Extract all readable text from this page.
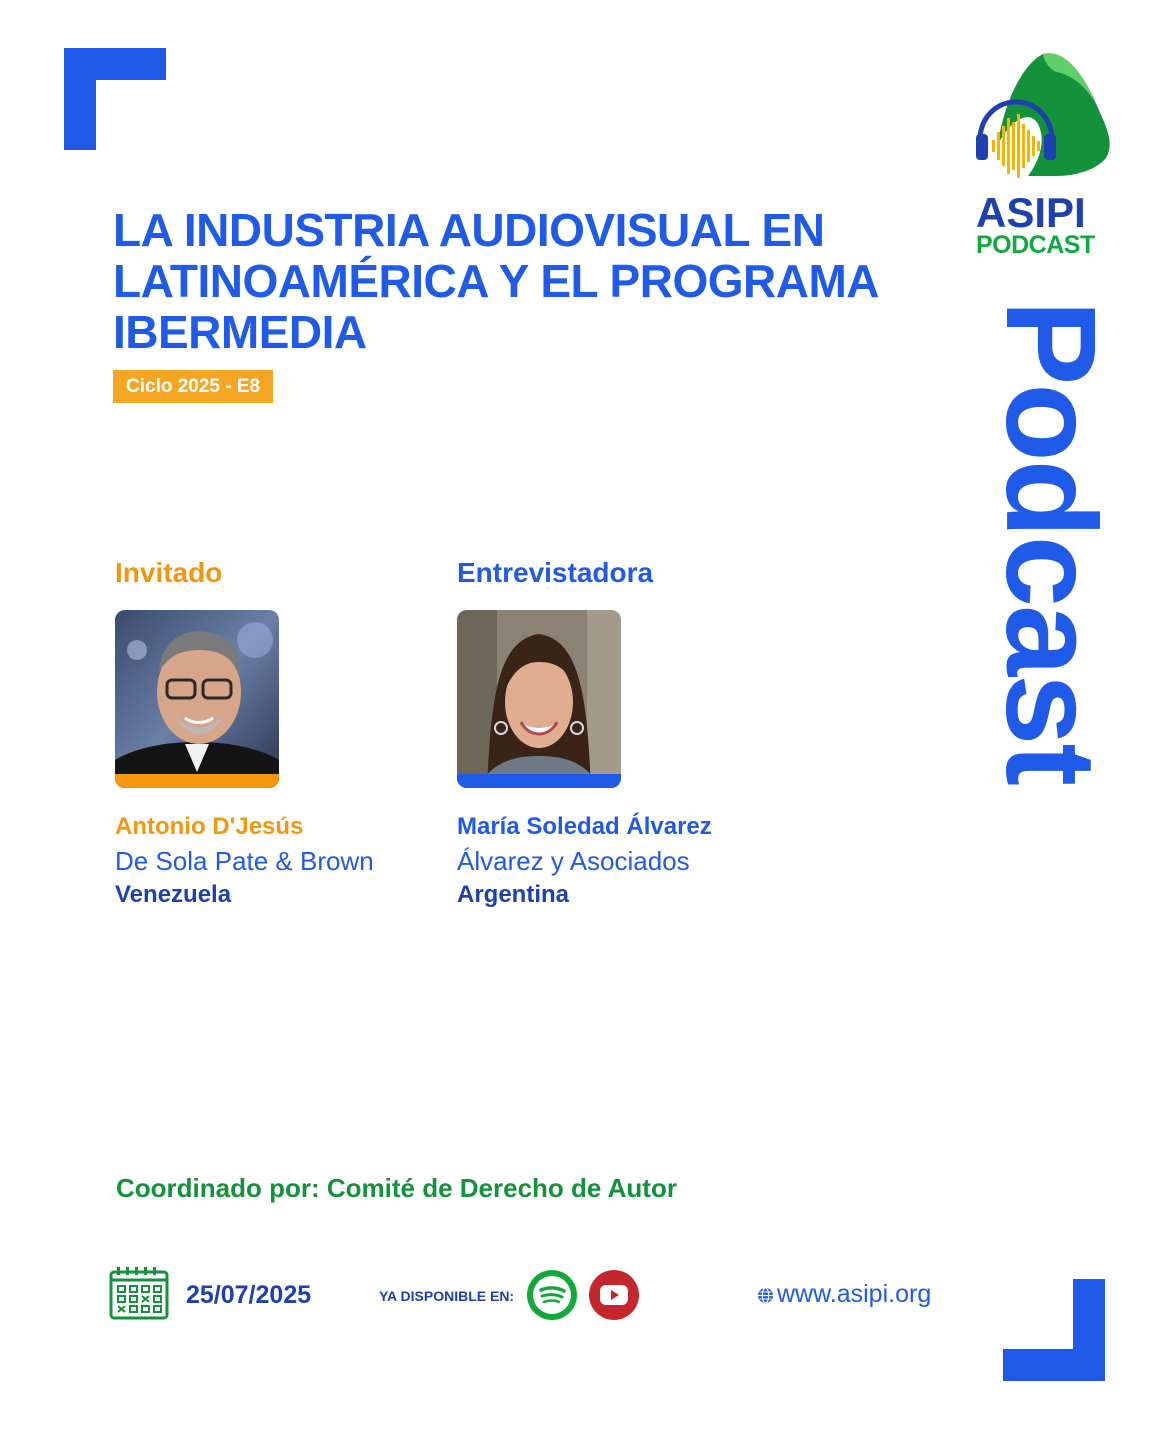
ASIPI
PODCAST
Podcast
LA INDUSTRIA AUDIOVISUAL EN
LATINOAMÉRICA Y EL PROGRAMA
IBERMEDIA
Ciclo 2025 - E8

Invitado

Antonio D'Jesús
De Sola Pate & Brown
Venezuela

Entrevistadora

María Soledad Álvarez
Álvarez y Asociados
Argentina
Coordinado por: Comité de Derecho de Autor
25/07/2025	YA DISPONIBLE EN:	www.asipi.org
